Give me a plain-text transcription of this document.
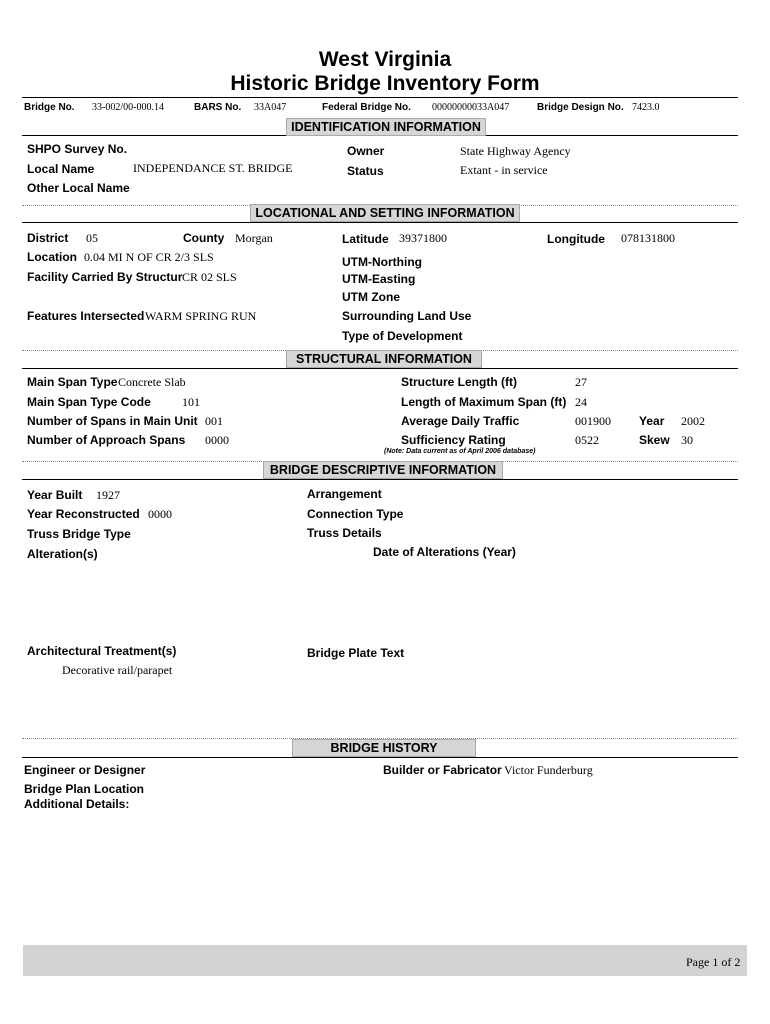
West Virginia
Historic Bridge Inventory Form
Bridge No. 33-002/00-000.14	BARS No. 33A047	Federal Bridge No. 00000000033A047	Bridge Design No. 7423.0
IDENTIFICATION INFORMATION
SHPO Survey No.
Local Name	INDEPENDANCE ST. BRIDGE
Other Local Name
Owner	State Highway Agency
Status	Extant - in service
LOCATIONAL AND SETTING INFORMATION
District 05	County Morgan	Latitude 39371800	Longitude 078131800
Location 0.04 MI N OF CR 2/3 SLS	UTM-Northing
Facility Carried By Structur CR 02 SLS	UTM-Easting
UTM Zone
Features Intersected WARM SPRING RUN	Surrounding Land Use
Type of Development
STRUCTURAL INFORMATION
Main Span Type Concrete Slab
Main Span Type Code	101
Number of Spans in Main Unit 001
Number of Approach Spans 0000
Structure Length (ft)	27
Length of Maximum Span (ft) 24
Average Daily Traffic	001900 Year 2002
Sufficiency Rating	0522	Skew 30
(Note: Data current as of April 2006 database)
BRIDGE DESCRIPTIVE INFORMATION
Year Built 1927
Year Reconstructed 0000
Truss Bridge Type
Alteration(s)
Arrangement
Connection Type
Truss Details
Date of Alterations (Year)
Architectural Treatment(s)
Decorative rail/parapet
Bridge Plate Text
BRIDGE HISTORY
Engineer or Designer	Builder or Fabricator Victor Funderburg
Bridge Plan Location
Additional Details:
Page 1 of 2
